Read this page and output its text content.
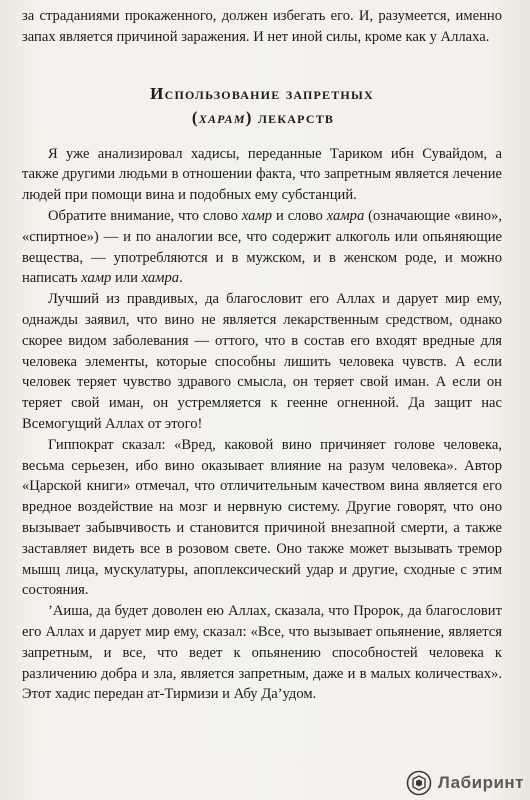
за страданиями прокаженного, должен избегать его. И, разумеется, именно запах является причиной заражения. И нет иной силы, кроме как у Аллаха.

Использование запретных
(харам) лекарств

Я уже анализировал хадисы, переданные Тариком ибн Сувайдом, а также другими людьми в отношении факта, что запретным является лечение людей при помощи вина и подобных ему субстанций.

Обратите внимание, что слово хамр и слово хамра (означающие «вино», «спиртное») — и по аналогии все, что содержит алкоголь или опьяняющие вещества, — употребляются и в мужском, и в женском роде, и можно написать хамр или хамра.

Лучший из правдивых, да благословит его Аллах и дарует мир ему, однажды заявил, что вино не является лекарственным средством, однако скорее видом заболевания — оттого, что в состав его входят вредные для человека элементы, которые способны лишить человека чувств. А если человек теряет чувство здравого смысла, он теряет свой иман. А если он теряет свой иман, он устремляется к геенне огненной. Да защит нас Всемогущий Аллах от этого!

Гиппократ сказал: «Вред, каковой вино причиняет голове человека, весьма серьезен, ибо вино оказывает влияние на разум человека». Автор «Царской книги» отмечал, что отличительным качеством вина является его вредное воздействие на мозг и нервную систему. Другие говорят, что оно вызывает забывчивость и становится причиной внезапной смерти, а также заставляет видеть все в розовом свете. Оно также может вызывать тремор мышц лица, мускулатуры, апоплексический удар и другие, сходные с этим состояния.

’Аиша, да будет доволен ею Аллах, сказала, что Пророк, да благословит его Аллах и дарует мир ему, сказал: «Все, что вызывает опьянение, является запретным, и все, что ведет к опьянению способностей человека к различению добра и зла, является запретным, даже и в малых количествах». Этот хадис передан ат-Тирмизи и Абу Да’удом.

Лабиринт
